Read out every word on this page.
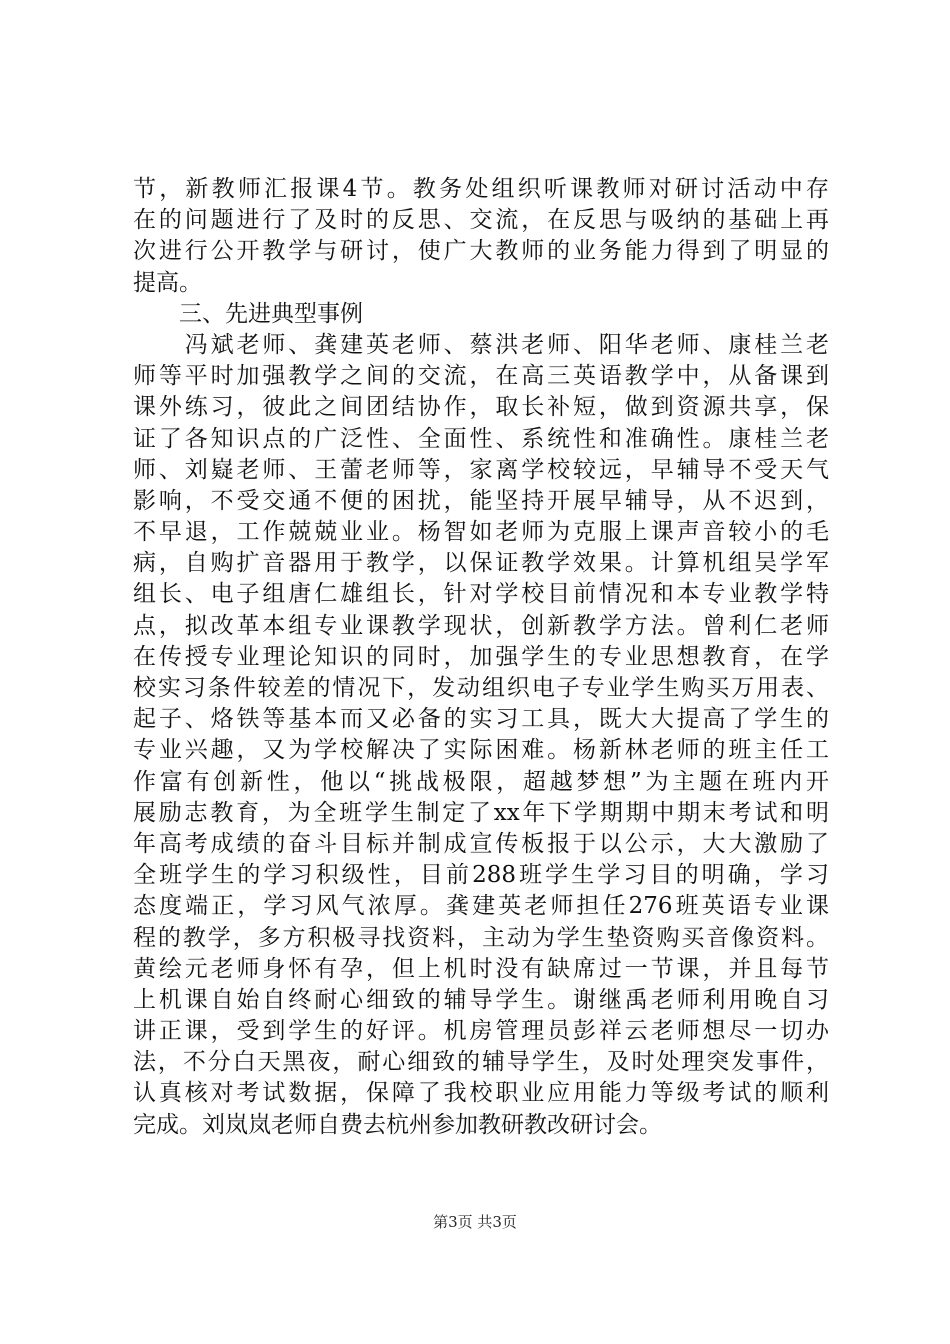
节，新教师汇报课4节。教务处组织听课教师对研讨活动中存
在的问题进行了及时的反思、交流，在反思与吸纳的基础上再
次进行公开教学与研讨，使广大教师的业务能力得到了明显的
提高。
三、先进典型事例
　　冯斌老师、龚建英老师、蔡洪老师、阳华老师、康桂兰老
师等平时加强教学之间的交流，在高三英语教学中，从备课到
课外练习，彼此之间团结协作，取长补短，做到资源共享，保
证了各知识点的广泛性、全面性、系统性和准确性。康桂兰老
师、刘嶷老师、王蕾老师等，家离学校较远，早辅导不受天气
影响，不受交通不便的困扰，能坚持开展早辅导，从不迟到，
不早退，工作兢兢业业。杨智如老师为克服上课声音较小的毛
病，自购扩音器用于教学，以保证教学效果。计算机组吴学军
组长、电子组唐仁雄组长，针对学校目前情况和本专业教学特
点，拟改革本组专业课教学现状，创新教学方法。曾利仁老师
在传授专业理论知识的同时，加强学生的专业思想教育，在学
校实习条件较差的情况下，发动组织电子专业学生购买万用表、
起子、烙铁等基本而又必备的实习工具，既大大提高了学生的
专业兴趣，又为学校解决了实际困难。杨新林老师的班主任工
作富有创新性，他以“挑战极限，超越梦想”为主题在班内开
展励志教育，为全班学生制定了xx年下学期期中期末考试和明
年高考成绩的奋斗目标并制成宣传板报于以公示，大大激励了
全班学生的学习积级性，目前288班学生学习目的明确，学习
态度端正，学习风气浓厚。龚建英老师担任276班英语专业课
程的教学，多方积极寻找资料，主动为学生垫资购买音像资料。
黄绘元老师身怀有孕，但上机时没有缺席过一节课，并且每节
上机课自始自终耐心细致的辅导学生。谢继禹老师利用晚自习
讲正课，受到学生的好评。机房管理员彭祥云老师想尽一切办
法，不分白天黑夜，耐心细致的辅导学生，及时处理突发事件，
认真核对考试数据，保障了我校职业应用能力等级考试的顺利
完成。刘岚岚老师自费去杭州参加教研教改研讨会。
第3页 共3页
